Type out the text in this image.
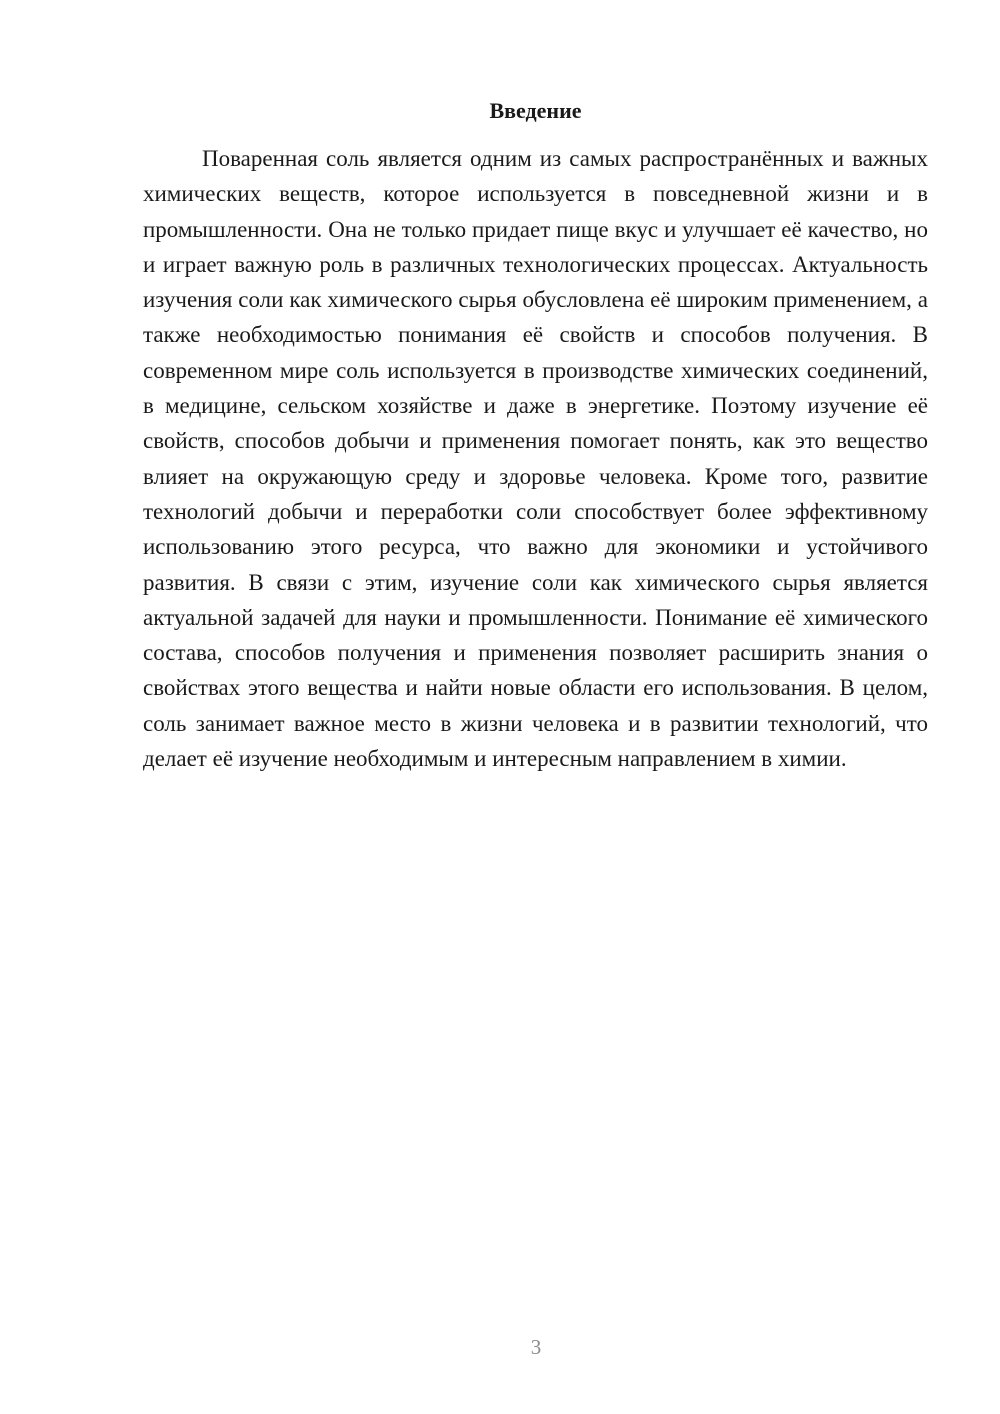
Введение

Поваренная соль является одним из самых распространённых и важных химических веществ, которое используется в повседневной жизни и в промышленности. Она не только придает пище вкус и улучшает её качество, но и играет важную роль в различных технологических процессах. Актуальность изучения соли как химического сырья обусловлена её широким применением, а также необходимостью понимания её свойств и способов получения. В современном мире соль используется в производстве химических соединений, в медицине, сельском хозяйстве и даже в энергетике. Поэтому изучение её свойств, способов добычи и применения помогает понять, как это вещество влияет на окружающую среду и здоровье человека. Кроме того, развитие технологий добычи и переработки соли способствует более эффективному использованию этого ресурса, что важно для экономики и устойчивого развития. В связи с этим, изучение соли как химического сырья является актуальной задачей для науки и промышленности. Понимание её химического состава, способов получения и применения позволяет расширить знания о свойствах этого вещества и найти новые области его использования. В целом, соль занимает важное место в жизни человека и в развитии технологий, что делает её изучение необходимым и интересным направлением в химии.

3
